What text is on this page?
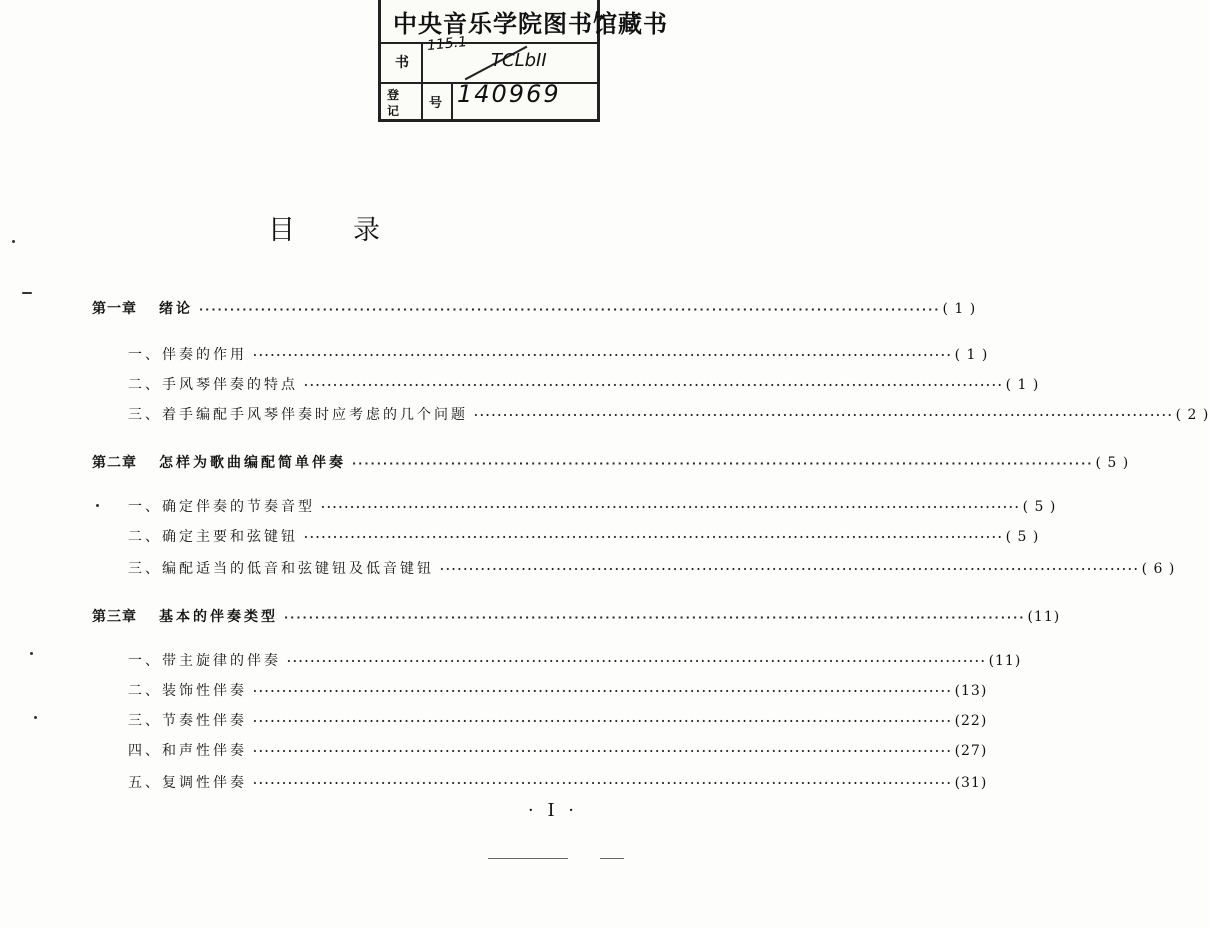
中央音乐学院图书馆藏书
书
登
记 号
115.1
TCLbII
140969
目录
第一章 绪论 ························································································································ ( 1 )
一、 伴奏的作用 ························································································································ ( 1 )
二、 手风琴伴奏的特点 ························································································································ ( 1 )
三、 着手编配手风琴伴奏时应考虑的几个问题 ························································································································ ( 2 )
第二章 怎样为歌曲编配简单伴奏 ························································································································ ( 5 )
一、 确定伴奏的节奏音型 ························································································································ ( 5 )
二、 确定主要和弦键钮 ························································································································ ( 5 )
三、 编配适当的低音和弦键钮及低音键钮 ························································································································ ( 6 )
第三章 基本的伴奏类型 ························································································································ (11)
一、 带主旋律的伴奏 ························································································································ (11)
二、 装饰性伴奏 ························································································································ (13)
三、 节奏性伴奏 ························································································································ (22)
四、 和声性伴奏 ························································································································ (27)
五、 复调性伴奏 ························································································································ (31)
· I ·
